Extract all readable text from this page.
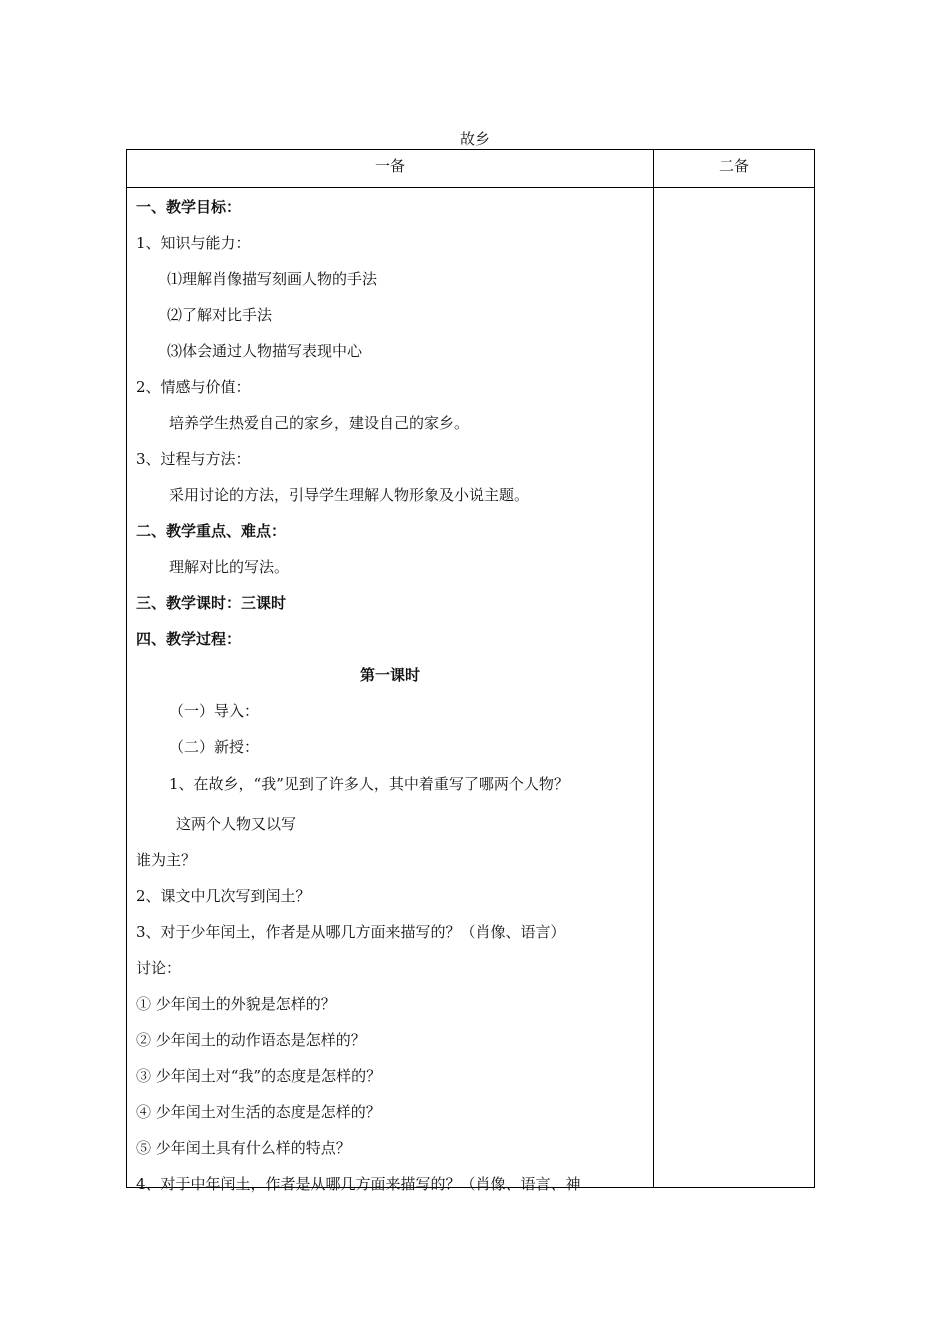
故乡
一备	二备
一、教学目标：
1、知识与能力：
⑴理解肖像描写刻画人物的手法
⑵了解对比手法
⑶体会通过人物描写表现中心
2、情感与价值：
培养学生热爱自己的家乡，建设自己的家乡。
3、过程与方法：
采用讨论的方法，引导学生理解人物形象及小说主题。
二、教学重点、难点：
理解对比的写法。
三、教学课时：三课时
四、教学过程：
第一课时
（一）导入：
（二）新授：
1、在故乡，“我”见到了许多人，其中着重写了哪两个人物？
这两个人物又以写
谁为主？
2、课文中几次写到闰土？
3、对于少年闰土，作者是从哪几方面来描写的？（肖像、语言）
讨论：
① 少年闰土的外貌是怎样的？
② 少年闰土的动作语态是怎样的？
③ 少年闰土对“我”的态度是怎样的？
④ 少年闰土对生活的态度是怎样的？
⑤ 少年闰土具有什么样的特点？
4、对于中年闰土，作者是从哪几方面来描写的？（肖像、语言、神
